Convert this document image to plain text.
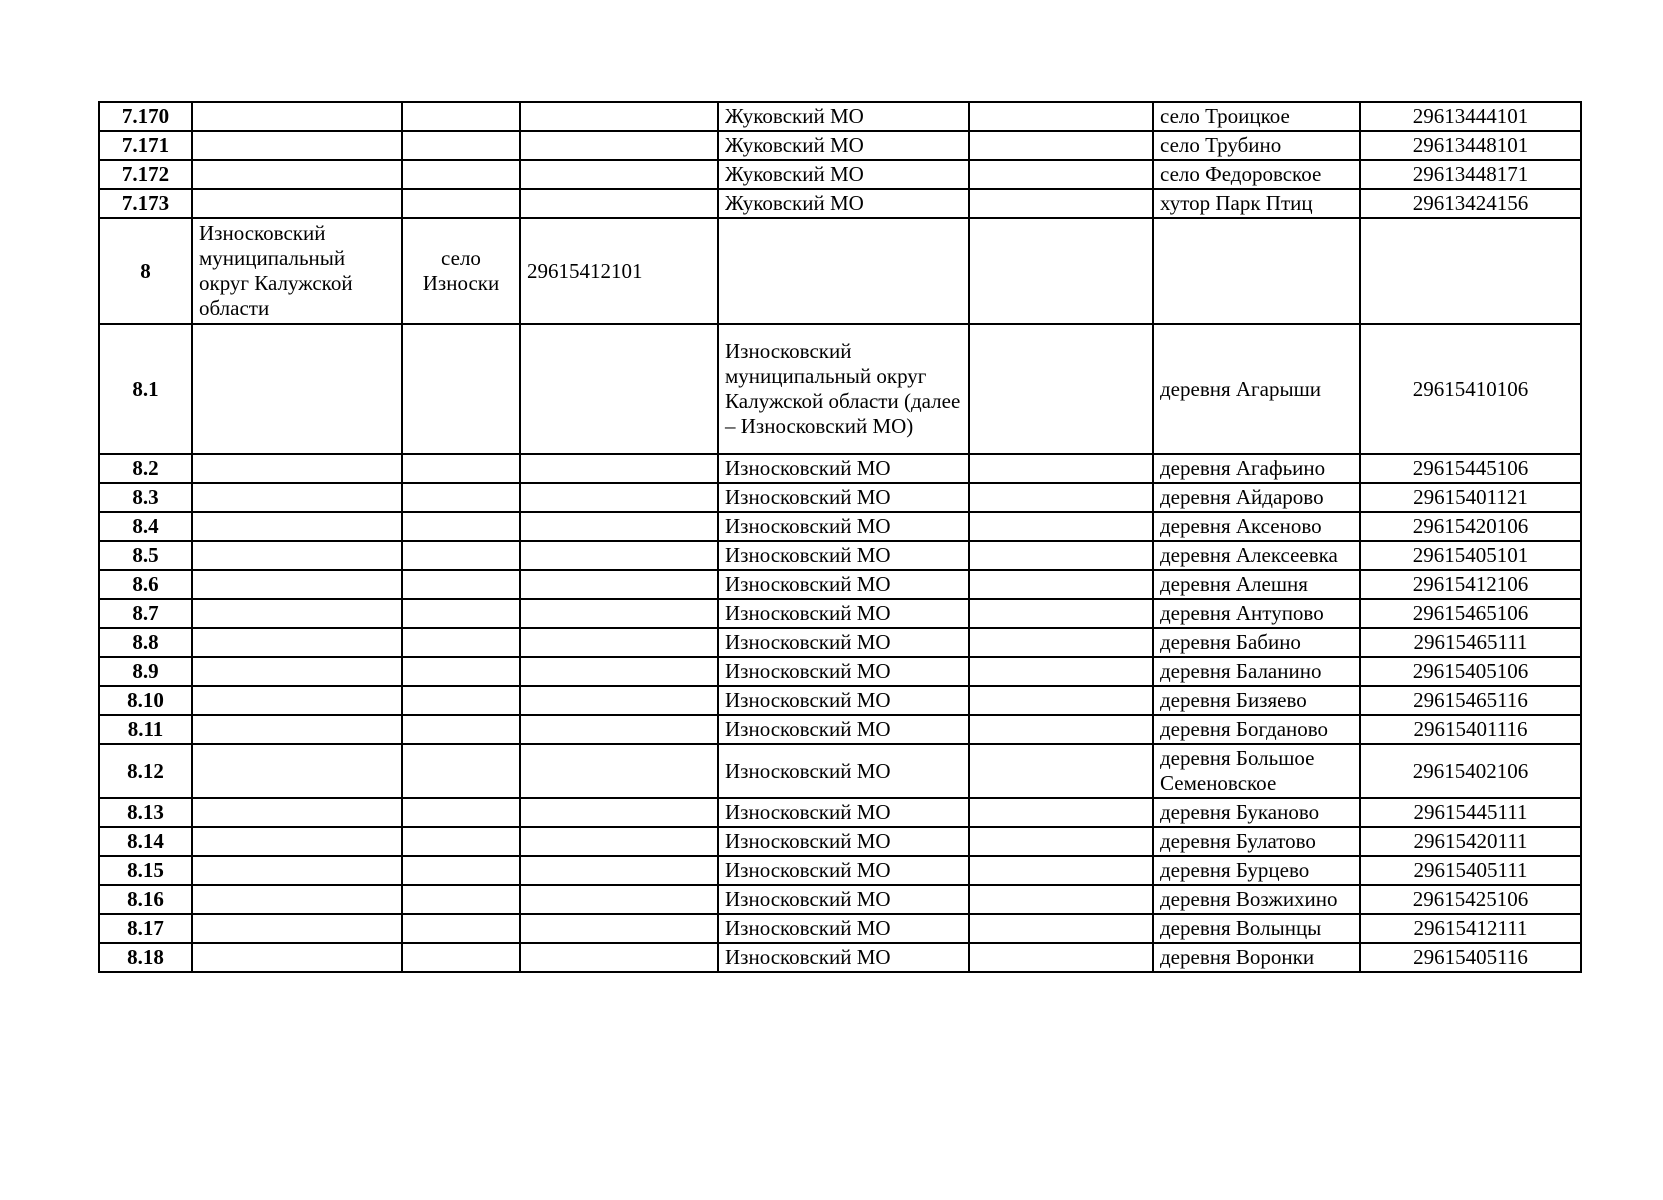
7.170				Жуковский МО		село Троицкое	29613444101
7.171				Жуковский МО		село Трубино	29613448101
7.172				Жуковский МО		село Федоровское	29613448171
7.173				Жуковский МО		хутор Парк Птиц	29613424156
8	Износковский муниципальный округ Калужской области	село Износки	29615412101				
8.1				Износковский муниципальный округ Калужской области (далее – Износковский МО)		деревня Агарыши	29615410106
8.2				Износковский МО		деревня Агафьино	29615445106
8.3				Износковский МО		деревня Айдарово	29615401121
8.4				Износковский МО		деревня Аксеново	29615420106
8.5				Износковский МО		деревня Алексеевка	29615405101
8.6				Износковский МО		деревня Алешня	29615412106
8.7				Износковский МО		деревня Антупово	29615465106
8.8				Износковский МО		деревня Бабино	29615465111
8.9				Износковский МО		деревня Баланино	29615405106
8.10				Износковский МО		деревня Бизяево	29615465116
8.11				Износковский МО		деревня Богданово	29615401116
8.12				Износковский МО		деревня Большое Семеновское	29615402106
8.13				Износковский МО		деревня Буканово	29615445111
8.14				Износковский МО		деревня Булатово	29615420111
8.15				Износковский МО		деревня Бурцево	29615405111
8.16				Износковский МО		деревня Возжихино	29615425106
8.17				Износковский МО		деревня Волынцы	29615412111
8.18				Износковский МО		деревня Воронки	29615405116
